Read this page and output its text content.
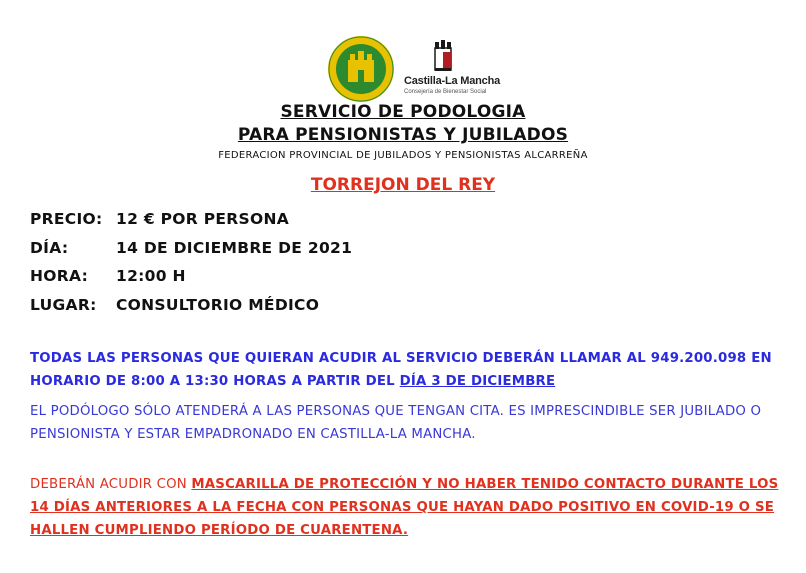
Castilla-La Mancha
Consejería de Bienestar Social
SERVICIO DE PODOLOGIA
PARA PENSIONISTAS Y JUBILADOS
FEDERACION PROVINCIAL DE JUBILADOS Y PENSIONISTAS ALCARREÑA
TORREJON DEL REY
PRECIO: 12 € POR PERSONA
DÍA:	14 DE DICIEMBRE DE 2021
HORA: 12:00 H
LUGAR: CONSULTORIO MÉDICO
TODAS LAS PERSONAS QUE QUIERAN ACUDIR AL SERVICIO DEBERÁN LLAMAR AL 949.200.098 EN HORARIO DE 8:00 A 13:30 HORAS A PARTIR DEL DÍA 3 DE DICIEMBRE
EL PODÓLOGO SÓLO ATENDERÁ A LAS PERSONAS QUE TENGAN CITA. ES IMPRESCINDIBLE SER JUBILADO O PENSIONISTA Y ESTAR EMPADRONADO EN CASTILLA-LA MANCHA.
DEBERÁN ACUDIR CON MASCARILLA DE PROTECCIÓN Y NO HABER TENIDO CONTACTO DURANTE LOS 14 DÍAS ANTERIORES A LA FECHA CON PERSONAS QUE HAYAN DADO POSITIVO EN COVID-19 O SE HALLEN CUMPLIENDO PERÍODO DE CUARENTENA.
